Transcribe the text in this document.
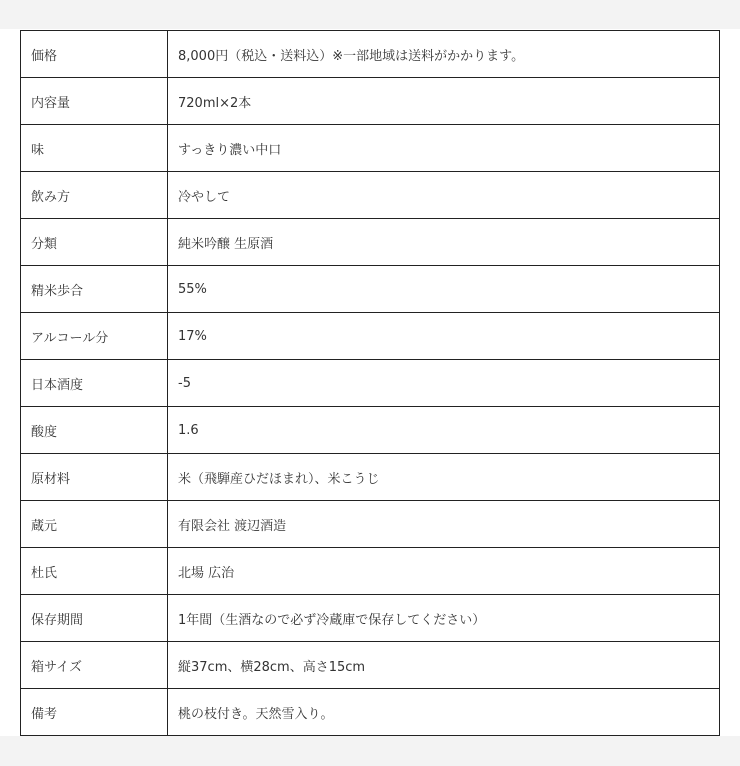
価格	8,000円（税込・送料込）※一部地域は送料がかかります。
内容量	720ml×2本
味	すっきり濃い中口
飲み方	冷やして
分類	純米吟醸 生原酒
精米歩合	55%
アルコール分	17%
日本酒度	-5
酸度	1.6
原材料	米（飛騨産ひだほまれ）、米こうじ
蔵元	有限会社 渡辺酒造
杜氏	北場 広治
保存期間	1年間（生酒なので必ず冷蔵庫で保存してください）
箱サイズ	縦37cm、横28cm、高さ15cm
備考	桃の枝付き。天然雪入り。
